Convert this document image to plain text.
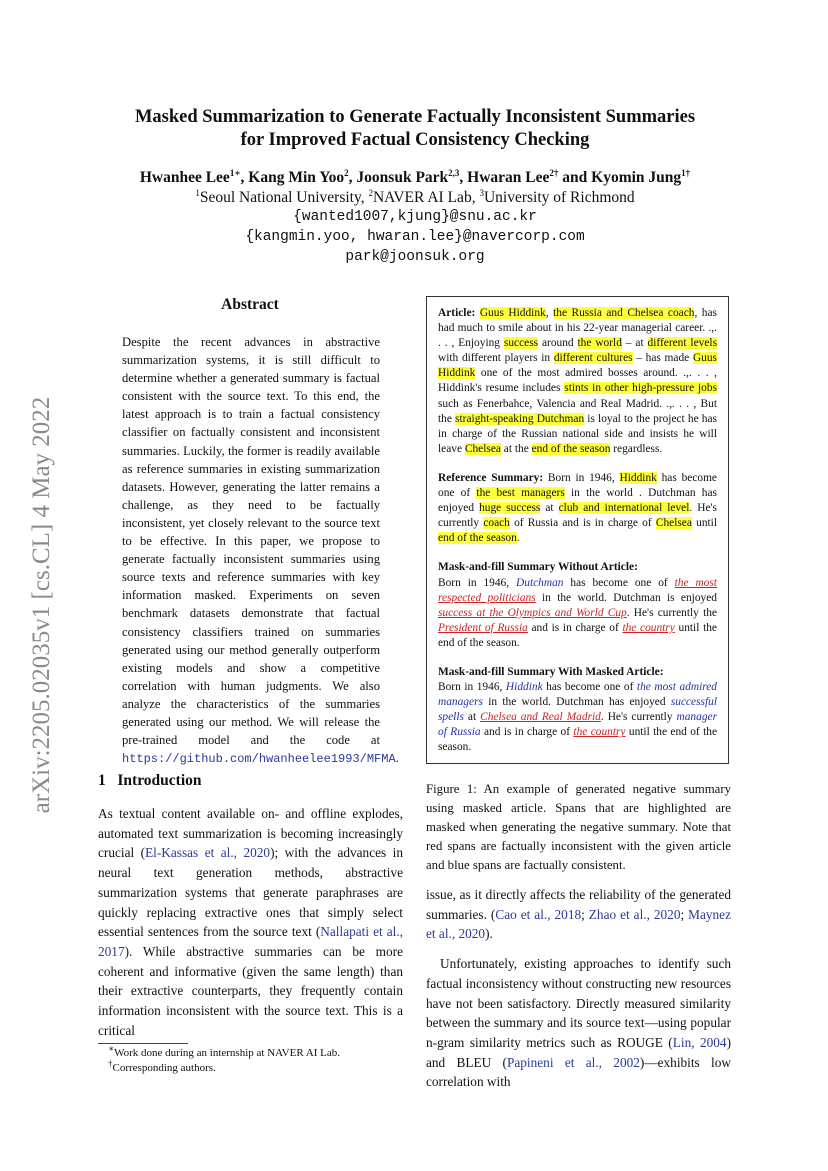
Masked Summarization to Generate Factually Inconsistent Summaries
for Improved Factual Consistency Checking
Hwanhee Lee$^{1∗}$, Kang Min Yoo$^2$, Joonsuk Park$^{2,3}$, Hwaran Lee$^{2\dagger}$ and Kyomin Jung$^{1\dagger}$
$^1$Seoul National University, $^2$NAVER AI Lab, $^3$University of Richmond
{wanted1007,kjung}@snu.ac.kr
{kangmin.yoo, hwaran.lee}@navercorp.com
park@joonsuk.org
arXiv:2205.02035v1 [cs.CL] 4 May 2022
Abstract
Despite the recent advances in abstractive summarization systems, it is still difficult to determine whether a generated summary is factual consistent with the source text. To this end, the latest approach is to train a factual consistency classifier on factually consistent and inconsistent summaries. Luckily, the former is readily available as reference summaries in existing summarization datasets. However, generating the latter remains a challenge, as they need to be factually inconsistent, yet closely relevant to the source text to be effective. In this paper, we propose to generate factually inconsistent summaries using source texts and reference summaries with key information masked. Experiments on seven benchmark datasets demonstrate that factual consistency classifiers trained on summaries generated using our method generally outperform existing models and show a competitive correlation with human judgments. We also analyze the characteristics of the summaries generated using our method. We will release the pre-trained model and the code at https://github.com/hwanheelee1993/MFMA.
1 Introduction
As textual content available on- and offline explodes, automated text summarization is becoming increasingly crucial (El-Kassas et al., 2020); with the advances in neural text generation methods, abstractive summarization systems that generate paraphrases are quickly replacing extractive ones that simply select essential sentences from the source text (Nallapati et al., 2017). While abstractive summaries can be more coherent and informative (given the same length) than their extractive counterparts, they frequently contain information inconsistent with the source text. This is a critical
∗Work done during an internship at NAVER AI Lab.
†Corresponding authors.
Article: Guus Hiddink, the Russia and Chelsea coach, has had much to smile about in his 22-year managerial career. .,. . . , Enjoying success around the world – at different levels with different players in different cultures – has made Guus Hiddink one of the most admired bosses around. .,. . . , Hiddink's resume includes stints in other high-pressure jobs such as Fenerbahce, Valencia and Real Madrid. .,. . . , But the straight-speaking Dutchman is loyal to the project he has in charge of the Russian national side and insists he will leave Chelsea at the end of the season regardless.
Reference Summary: Born in 1946, Hiddink has become one of the best managers in the world . Dutchman has enjoyed huge success at club and international level. He's currently coach of Russia and is in charge of Chelsea until end of the season.
Mask-and-fill Summary Without Article:
Born in 1946, Dutchman has become one of the most respected politicians in the world. Dutchman is enjoyed success at the Olympics and World Cup. He's currently the President of Russia and is in charge of the country until the end of the season.
Mask-and-fill Summary With Masked Article:
Born in 1946, Hiddink has become one of the most admired managers in the world. Dutchman has enjoyed successful spells at Chelsea and Real Madrid. He's currently manager of Russia and is in charge of the country until the end of the season.
Figure 1: An example of generated negative summary using masked article. Spans that are highlighted are masked when generating the negative summary. Note that red spans are factually inconsistent with the given article and blue spans are factually consistent.

issue, as it directly affects the reliability of the generated summaries. (Cao et al., 2018; Zhao et al., 2020; Maynez et al., 2020).

Unfortunately, existing approaches to identify such factual inconsistency without constructing new resources have not been satisfactory. Directly measured similarity between the summary and its source text—using popular n-gram similarity metrics such as ROUGE (Lin, 2004) and BLEU (Papineni et al., 2002)—exhibits low correlation with
